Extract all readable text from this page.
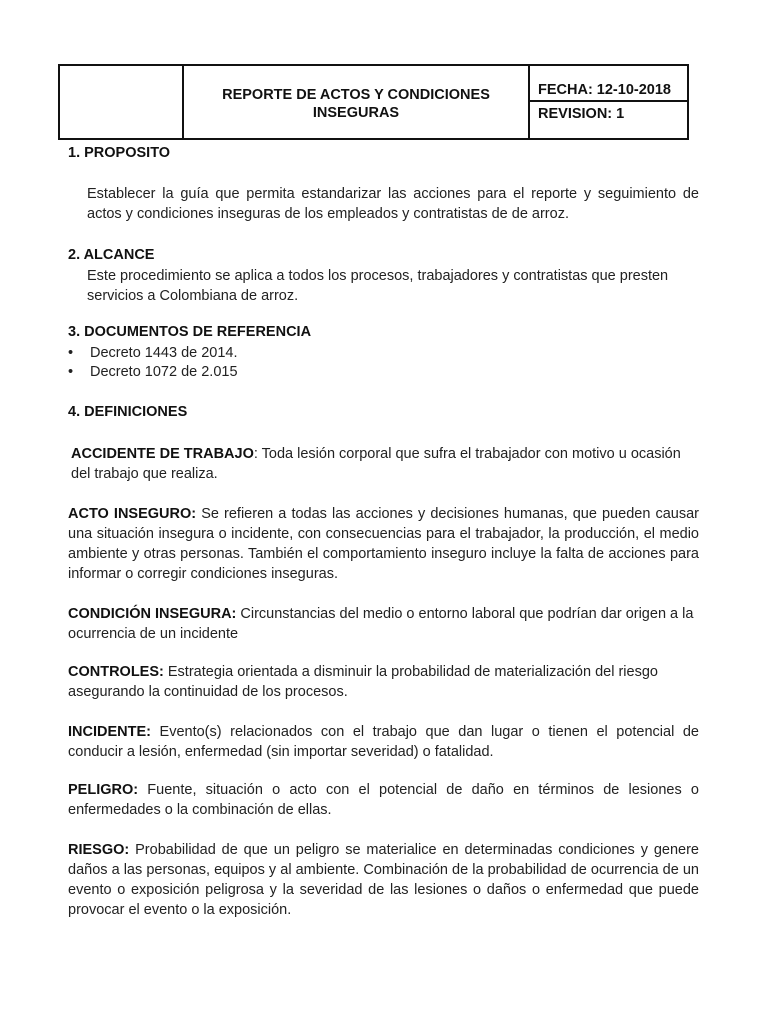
REPORTE DE ACTOS Y CONDICIONES
INSEGURAS

FECHA: 12-10-2018
REVISION: 1
1. PROPOSITO

Establecer la guía que permita estandarizar las acciones para el reporte y seguimiento de actos y condiciones inseguras de los empleados y contratistas de de arroz.

2. ALCANCE

Este procedimiento se aplica a todos los procesos, trabajadores y contratistas que presten servicios a Colombiana de arroz.

3. DOCUMENTOS DE REFERENCIA
• Decreto 1443 de 2014.
• Decreto 1072 de 2.015
4. DEFINICIONES

ACCIDENTE DE TRABAJO: Toda lesión corporal que sufra el trabajador con motivo u ocasión del trabajo que realiza.

ACTO INSEGURO: Se refieren a todas las acciones y decisiones humanas, que pueden causar una situación insegura o incidente, con consecuencias para el trabajador, la producción, el medio ambiente y otras personas. También el comportamiento inseguro incluye la falta de acciones para informar o corregir condiciones inseguras.

CONDICIÓN INSEGURA: Circunstancias del medio o entorno laboral que podrían dar origen a la ocurrencia de un incidente

CONTROLES: Estrategia orientada a disminuir la probabilidad de materialización del riesgo asegurando la continuidad de los procesos.

INCIDENTE: Evento(s) relacionados con el trabajo que dan lugar o tienen el potencial de conducir a lesión, enfermedad (sin importar severidad) o fatalidad.

PELIGRO: Fuente, situación o acto con el potencial de daño en términos de lesiones o enfermedades o la combinación de ellas.

RIESGO: Probabilidad de que un peligro se materialice en determinadas condiciones y genere daños a las personas, equipos y al ambiente. Combinación de la probabilidad de ocurrencia de un evento o exposición peligrosa y la severidad de las lesiones o daños o enfermedad que puede provocar el evento o la exposición.
